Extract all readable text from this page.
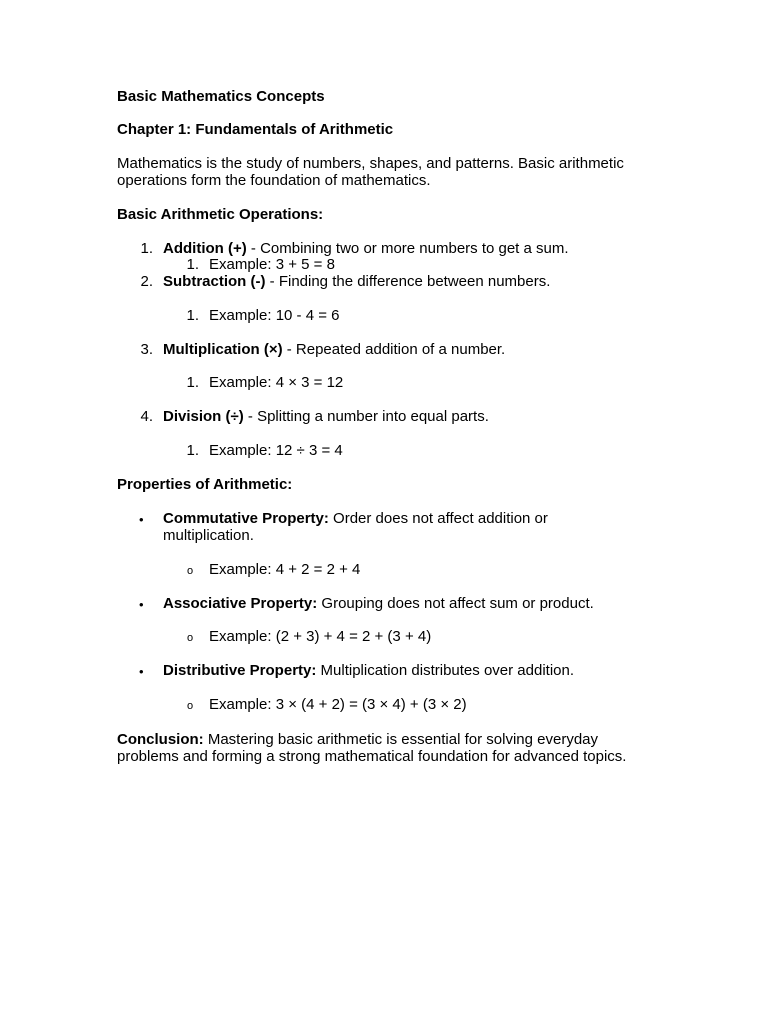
Basic Mathematics Concepts
Chapter 1: Fundamentals of Arithmetic
Mathematics is the study of numbers, shapes, and patterns. Basic arithmetic operations form the foundation of mathematics.
Basic Arithmetic Operations:
1. Addition (+) - Combining two or more numbers to get a sum.
1. Example: 3 + 5 = 8
2. Subtraction (-) - Finding the difference between numbers.
1. Example: 10 - 4 = 6
3. Multiplication (×) - Repeated addition of a number.
1. Example: 4 × 3 = 12
4. Division (÷) - Splitting a number into equal parts.
1. Example: 12 ÷ 3 = 4
Properties of Arithmetic:
• Commutative Property: Order does not affect addition or multiplication.
o Example: 4 + 2 = 2 + 4
• Associative Property: Grouping does not affect sum or product.
o Example: (2 + 3) + 4 = 2 + (3 + 4)
• Distributive Property: Multiplication distributes over addition.
o Example: 3 × (4 + 2) = (3 × 4) + (3 × 2)
Conclusion: Mastering basic arithmetic is essential for solving everyday problems and forming a strong mathematical foundation for advanced topics.
